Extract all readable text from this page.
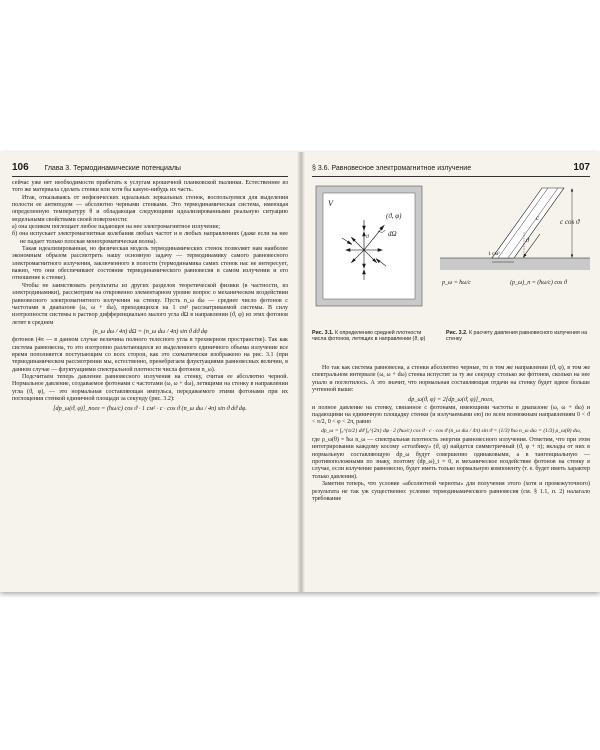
106 Глава 3. Термодинамические потенциалы

сейчас уже нет необходимости прибегать к услугам крошечной планковской пылинки. Естественнее из того же материала сделать стенки или хотя бы какую-нибудь их часть.

Итак, отказываясь от нефизических идеальных зеркальных стенок, воспользуемся для выделения полости ее антиподом — абсолютно черными стенками. Это термодинамическая система, имеющая определенную температуру θ и обладающая следующими идеализированными реальную ситуацию модельными свойствами своей поверхности:

а) она целиком поглощает любое падающее на нее электромагнитное излучение;

б) она испускает электромагнитные колебания любых частот и в любых направлениях (даже если на нее не падает только плоская монохроматическая волна).

Такая идеализированная, но физическая модель термодинамических стенок позволяет нам наиболее экономным образом рассмотреть нашу основную задачу — термодинамику самого равновесного электромагнитного излучения, заключенного в полости (термодинамика самих стенок нас не интересует, важно, что они обеспечивают состояние термодинамического равновесия в самом излучении и его отношение к стенке).

Чтобы не заимствовать результаты из других разделов теоретической физики (в частности, из электродинамики), рассмотрим на откровенно элементарном уровне вопрос о механическом воздействии равновесного электромагнитного излучения на стенку. Пусть n_ω dω — среднее число фотонов с частотами в диапазоне (ω, ω + dω), приходящихся на 1 см³ рассматриваемой системы. В силу изотропности системы в раствор дифференциально малого угла dΩ в направлении (ϑ, φ) из этих фотонов летит в среднем

(n_ω dω / 4π) dΩ = (n_ω dω / 4π) sin ϑ dϑ dφ

фотонов (4π — в данном случае величина полного телесного угла в трехмерном пространстве). Так как система равновесна, то это изотропно разлетающееся из выделенного единичного объема излучение все время пополняется поступающим со всех сторон, как это схематически изображено на рис. 3.1 (при термодинамическом рассмотрении мы, естественно, пренебрегаем флуктуациями равновесных величин, в данном случае — флуктуациями спектральной плотности числа фотонов n_ω).

Подсчитаем теперь давление равновесного излучения на стенку, считая ее абсолютно черной. Нормальное давление, создаваемое фотонами с частотами (ω, ω + dω), летящими на стенку в направлении угла (ϑ, φ), — это нормальная составляющая импульса, передаваемого этими фотонами при их поглощении стенкой единичной площади за секунду (рис. 3.2):

[dp_ω(ϑ, φ)]_погл = (ħω/c) cos ϑ · 1 см² · c · cos ϑ (n_ω dω / 4π) sin ϑ dϑ dφ.
§ 3.6. Равновесное электромагнитное излучение	107
V
(ϑ, φ)
dΩ
ϑ
Рис. 3.1. К определению средней плотности числа фотонов, летящих в направлении (ϑ, φ)
c cos ϑ
c
ϑ
1 см²
p_ω = ħω/c	(p_ω)_n = (ħω/c) cos ϑ
Рис. 3.2. К расчету давления равновесного излучения на стенку

Но так как система равновесна, а стенки абсолютно черные, то в том же направлении (ϑ, φ), в том же спектральном интервале (ω, ω + dω) стенка испустит за ту же секунду столько же фотонов, сколько на нее упало и поглотилось. А это значит, что нормальная составляющая отдачи на стенку будет вдвое больше учтенной выше:

dp_ω(ϑ, φ) = 2[dp_ω(ϑ, φ)]_погл,

и полное давление на стенку, связанное с фотонами, имеющими частоты в диапазоне (ω, ω + dω) и падающими на единичную площадку стенки (и излучаемыми ею) по всем возможным направлениям 0 < ϑ < π/2, 0 < φ < 2π, равно

dp_ω = ∫₀^{π/2} dϑ ∫₀^{2π} dφ · 2 (ħω/c) cos ϑ · c · cos ϑ (n_ω dω / 4π) sin ϑ = (1/3) ħω n_ω dω = (1/3) ρ_ω(θ) dω,

где ρ_ω(θ) = ħω n_ω — спектральная плотность энергии равновесного излучения. Отметим, что при этом интегрировании каждому косому «столбику» (ϑ, φ) найдется симметричный (ϑ, φ + π); вклады от них в нормальную составляющую dp_ω будут совершенно одинаковыми, а в тангенциальную — противоположными по знаку, поэтому (dp_ω)_t = 0, и механическое воздействие фотонов на стенку в случае, если излучение равновесно, будет иметь только нормальную компоненту (т. е. будет иметь характер только давления).

Заметим теперь, что условие «абсолютной черноты» для получения этого (хотя и промежуточного) результата не так уж существенно: условие термодинамического равновесия (см. § 1.1, п. 2) налагало требование
